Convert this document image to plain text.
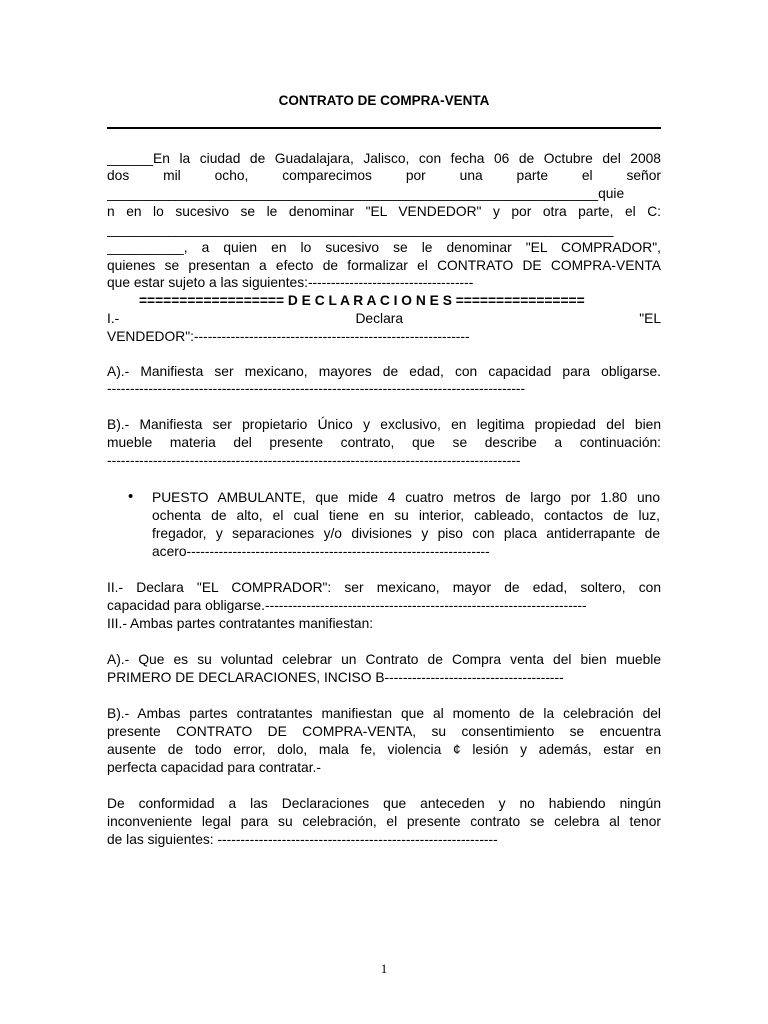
CONTRATO DE COMPRA-VENTA
______En la ciudad de Guadalajara, Jalisco, con fecha 06 de Octubre del 2008
dos mil ocho, comparecimos por una parte el señor
________________________________________________________________quie
n en lo sucesivo se le denominar "EL VENDEDOR" y por otra parte, el C:
__________________________________________________________________
__________, a quien en lo sucesivo se le denominar "EL COMPRADOR",
quienes se presentan a efecto de formalizar el CONTRATO DE COMPRA-VENTA
que estar sujeto a las siguientes:------------------------------------
================== D E C L A R A C I O N E S ================
I.- Declara "EL
VENDEDOR":------------------------------------------------------------
A).- Manifiesta ser mexicano, mayores de edad, con capacidad para obligarse.
-------------------------------------------------------------------------------------------
B).- Manifiesta ser propietario Único y exclusivo, en legitima propiedad del bien
mueble materia del presente contrato, que se describe a continuación:
------------------------------------------------------------------------------------------
• PUESTO AMBULANTE, que mide 4 cuatro metros de largo por 1.80 uno
ochenta de alto, el cual tiene en su interior, cableado, contactos de luz,
fregador, y separaciones y/o divisiones y piso con placa antiderrapante de
acero------------------------------------------------------------------
II.- Declara "EL COMPRADOR": ser mexicano, mayor de edad, soltero, con
capacidad para obligarse.----------------------------------------------------------------------
III.- Ambas partes contratantes manifiestan:
A).- Que es su voluntad celebrar un Contrato de Compra venta del bien mueble
PRIMERO DE DECLARACIONES, INCISO B---------------------------------------
B).- Ambas partes contratantes manifiestan que al momento de la celebración del
presente CONTRATO DE COMPRA-VENTA, su consentimiento se encuentra
ausente de todo error, dolo, mala fe, violencia ¢ lesión y además, estar en
perfecta capacidad para contratar.-
De conformidad a las Declaraciones que anteceden y no habiendo ningún
inconveniente legal para su celebración, el presente contrato se celebra al tenor
de las siguientes: -------------------------------------------------------------
1
